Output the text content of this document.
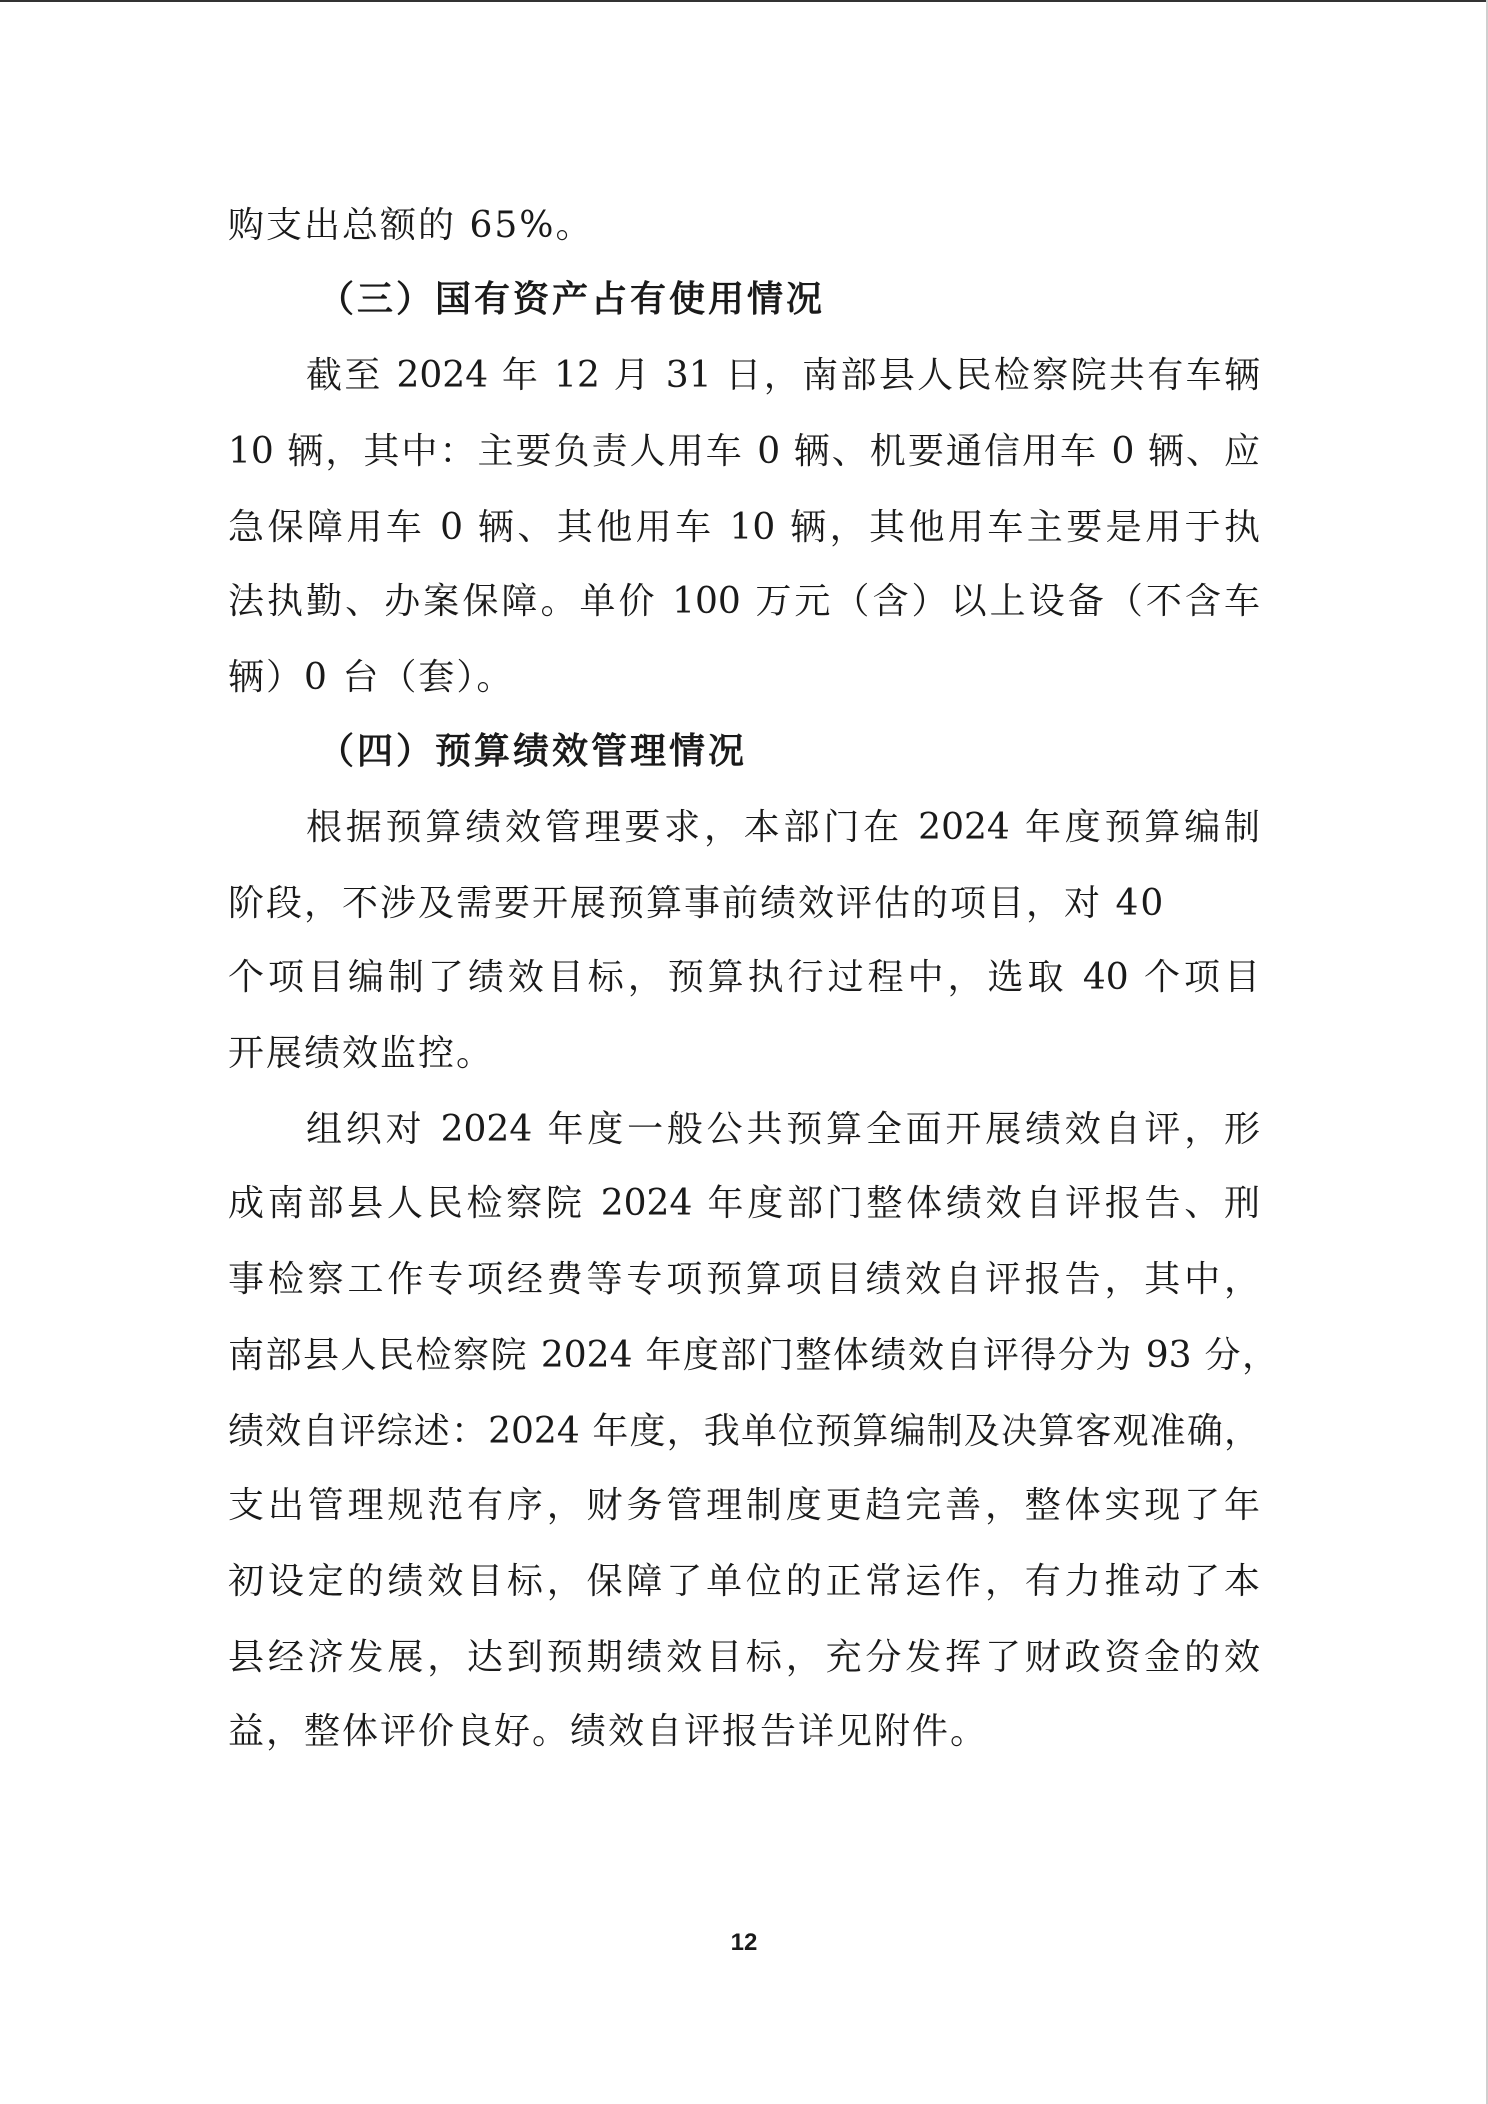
购支出总额的 65%。
（三）国有资产占有使用情况
截至 2024 年 12 月 31 日，南部县人民检察院共有车辆
10 辆，其中：主要负责人用车 0 辆、机要通信用车 0 辆、应
急保障用车 0 辆、其他用车 10 辆，其他用车主要是用于执
法执勤、办案保障。单价 100 万元（含）以上设备（不含车
辆）0 台（套）。
（四）预算绩效管理情况
根据预算绩效管理要求，本部门在 2024 年度预算编制
阶段，不涉及需要开展预算事前绩效评估的项目，对 40
个项目编制了绩效目标，预算执行过程中，选取 40 个项目
开展绩效监控。
组织对 2024 年度一般公共预算全面开展绩效自评，形
成南部县人民检察院 2024 年度部门整体绩效自评报告、刑
事检察工作专项经费等专项预算项目绩效自评报告，其中，
南部县人民检察院 2024 年度部门整体绩效自评得分为 93 分，
绩效自评综述：2024 年度，我单位预算编制及决算客观准确，
支出管理规范有序，财务管理制度更趋完善，整体实现了年
初设定的绩效目标，保障了单位的正常运作，有力推动了本
县经济发展，达到预期绩效目标，充分发挥了财政资金的效
益，整体评价良好。绩效自评报告详见附件。
12
